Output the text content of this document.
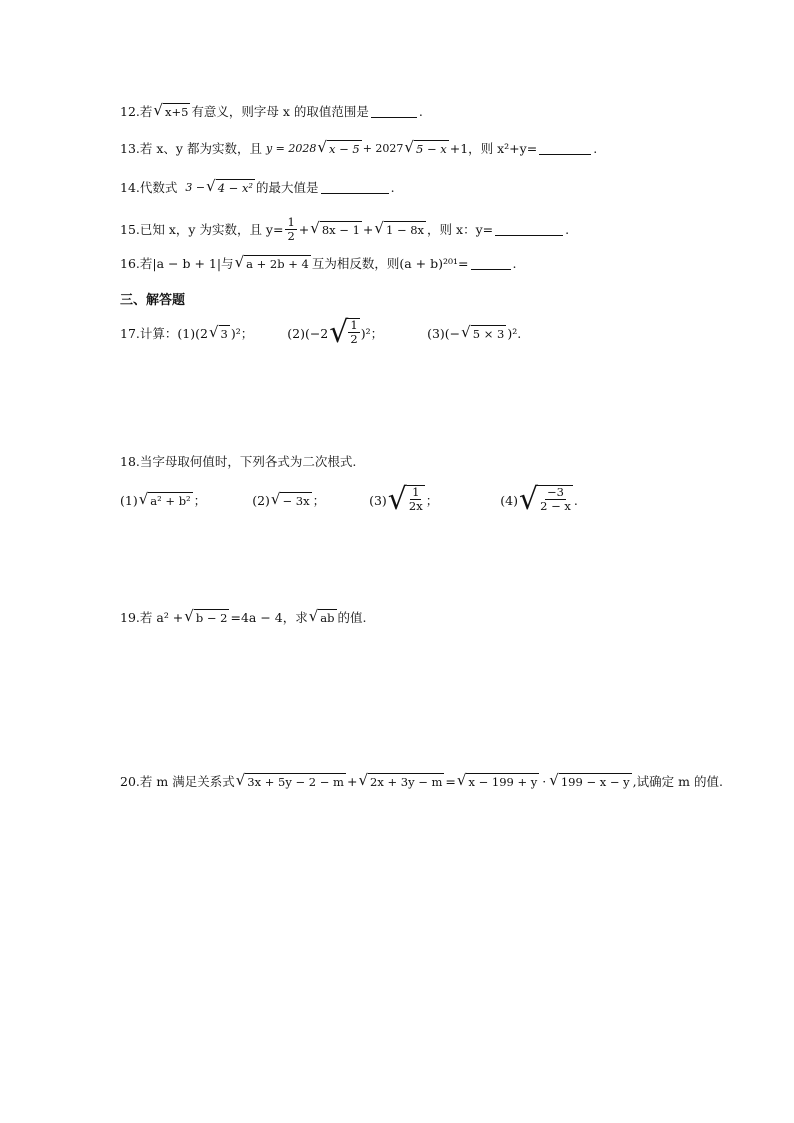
12. 若 √ x+5 有意义，则字母 x 的取值范围是	.
13. 若 x、y 都为实数，且 y = 2028 √ x − 5 + 2027 √ 5 − x +1，则 x²+y=	.
14. 代数式 3 − √ 4 − x² 的最大值是	.
15. 已知 x，y 为实数，且 $y= \frac{1}{2}$ + √ 8x − 1 + √ 1 − 8x ，则 x：y=	.
16. 若|a − b + 1|与 √ a + 2b + 4 互为相反数，则(a + b)²⁰¹=	.
三、解答题
17. 计算： (1)(2 √ 3 )²；	(2)(−2 √ $\frac{1}{2} )^2$；	(3)(− √ 5 × 3 )².
18. 当字母取何值时，下列各式为二次根式.
(1) √ a² + b² ；	(2) √ − 3x ；	(3) √ $\frac{1}{2x}$ ；	(4) √ $\frac{-3}{2 - x}$ .
19. 若 a² + √ b − 2 =4a − 4，求 √ ab 的值.
20. 若 m 满足关系式 √ 3x + 5y − 2 − m + √ 2x + 3y − m = √ x − 199 + y · √ 199 − x − y ,试确定 m 的值.
